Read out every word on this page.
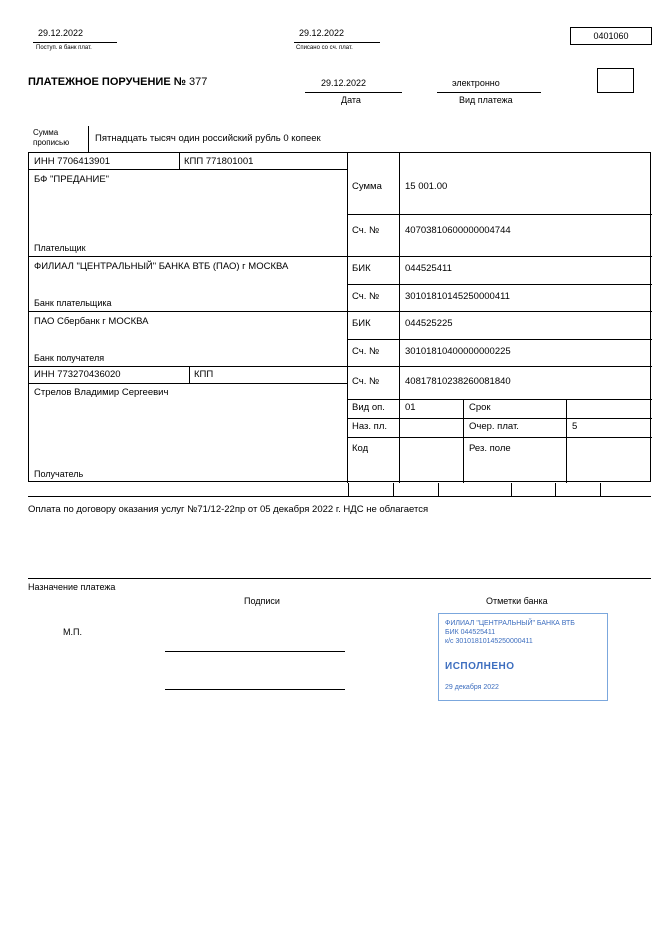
29.12.2022
Поступ. в банк плат.
29.12.2022
Списано со сч. плат.
0401060
ПЛАТЕЖНОЕ ПОРУЧЕНИЕ № 377	29.12.2022
Дата
электронно
Вид платежа
Сумма
прописью	Пятнадцать тысяч один российский рубль 0 копеек
ИНН 7706413901	КПП 771801001
БФ "ПРЕДАНИЕ"
Плательщик
Сумма 15 001.00
Сч. №	40703810600000004744
ФИЛИАЛ "ЦЕНТРАЛЬНЫЙ" БАНКА ВТБ (ПАО) г МОСКВА
Банк плательщика
БИК	044525411
Сч. №	30101810145250000411
ПАО Сбербанк г МОСКВА
Банк получателя
БИК	044525225
Сч. №	30101810400000000225
ИНН 773270436020	КПП
Стрелов Владимир Сергеевич
Получатель
Сч. №	40817810238260081840
Вид оп. 01	Срок
Наз. пл.	Очер. плат.	5
Код	Рез. поле
Оплата по договору оказания услуг №71/12-22пр от 05 декабря 2022 г. НДС не облагается
Назначение платежа
Подписи	Отметки банка
М.П.
ФИЛИАЛ "ЦЕНТРАЛЬНЫЙ" БАНКА ВТБ
БИК 044525411
к/с 30101810145250000411
ИСПОЛНЕНО
29 декабря 2022
